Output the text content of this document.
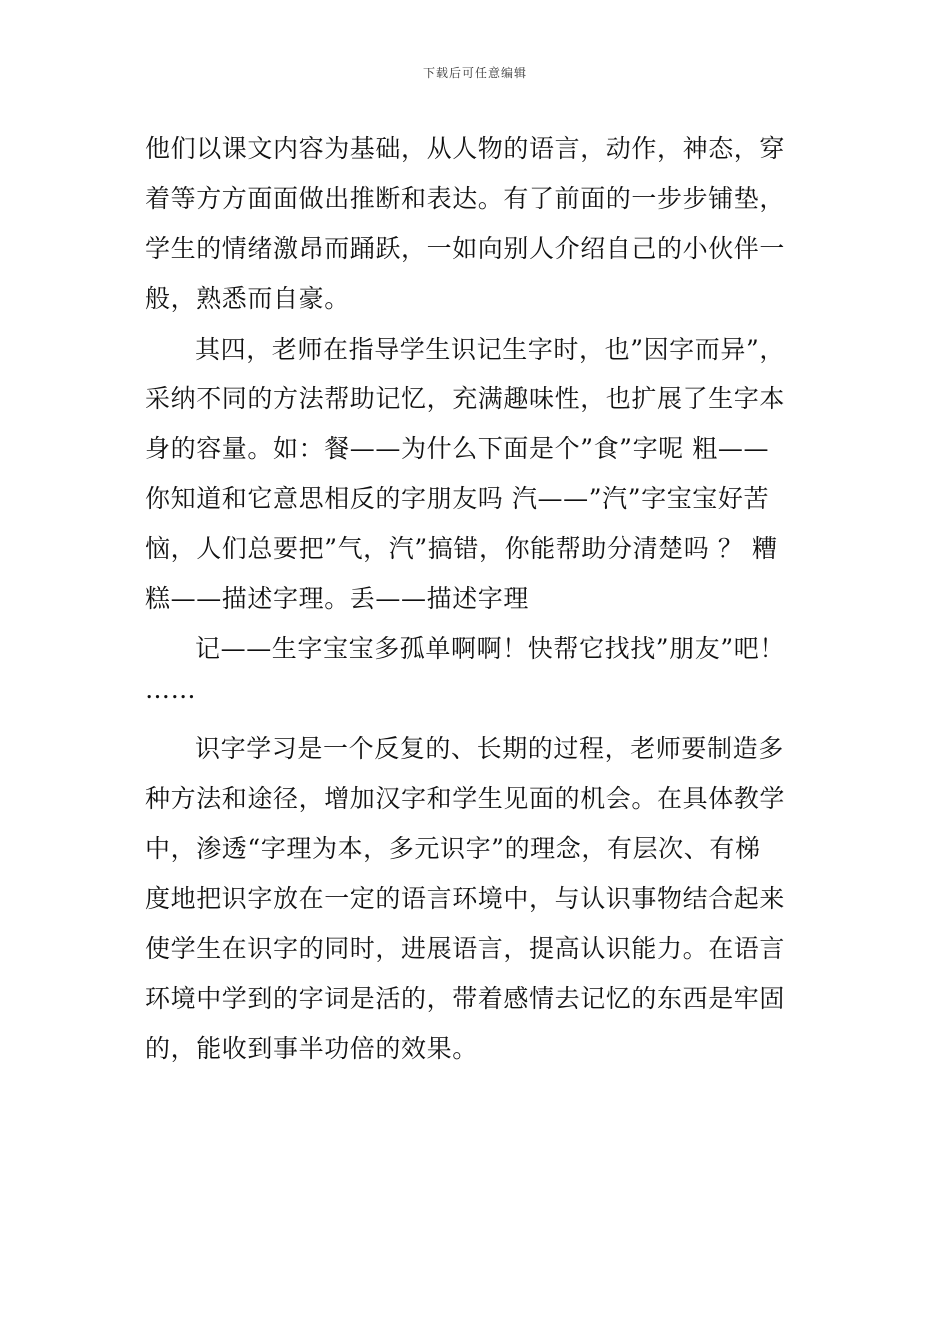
下载后可任意编辑
他们以课文内容为基础，从人物的语言，动作，神态，穿
着等方方面面做出推断和表达。有了前面的一步步铺垫，
学生的情绪激昂而踊跃，一如向别人介绍自己的小伙伴一
般，熟悉而自豪。
其四，老师在指导学生识记生字时，也”因字而异”，
采纳不同的方法帮助记忆，充满趣味性，也扩展了生字本
身的容量。如：餐——为什么下面是个”食”字呢 粗——
你知道和它意思相反的字朋友吗 汽——”汽”字宝宝好苦
恼，人们总要把”气，汽”搞错，你能帮助分清楚吗 ？ 糟
糕——描述字理。丢——描述字理
记——生字宝宝多孤单啊啊！快帮它找找”朋友”吧！
……
识字学习是一个反复的、长期的过程，老师要制造多
种方法和途径，增加汉字和学生见面的机会。在具体教学
中，渗透“字理为本，多元识字”的理念，有层次、有梯
度地把识字放在一定的语言环境中，与认识事物结合起来
使学生在识字的同时，进展语言，提高认识能力。在语言
环境中学到的字词是活的，带着感情去记忆的东西是牢固
的，能收到事半功倍的效果。
